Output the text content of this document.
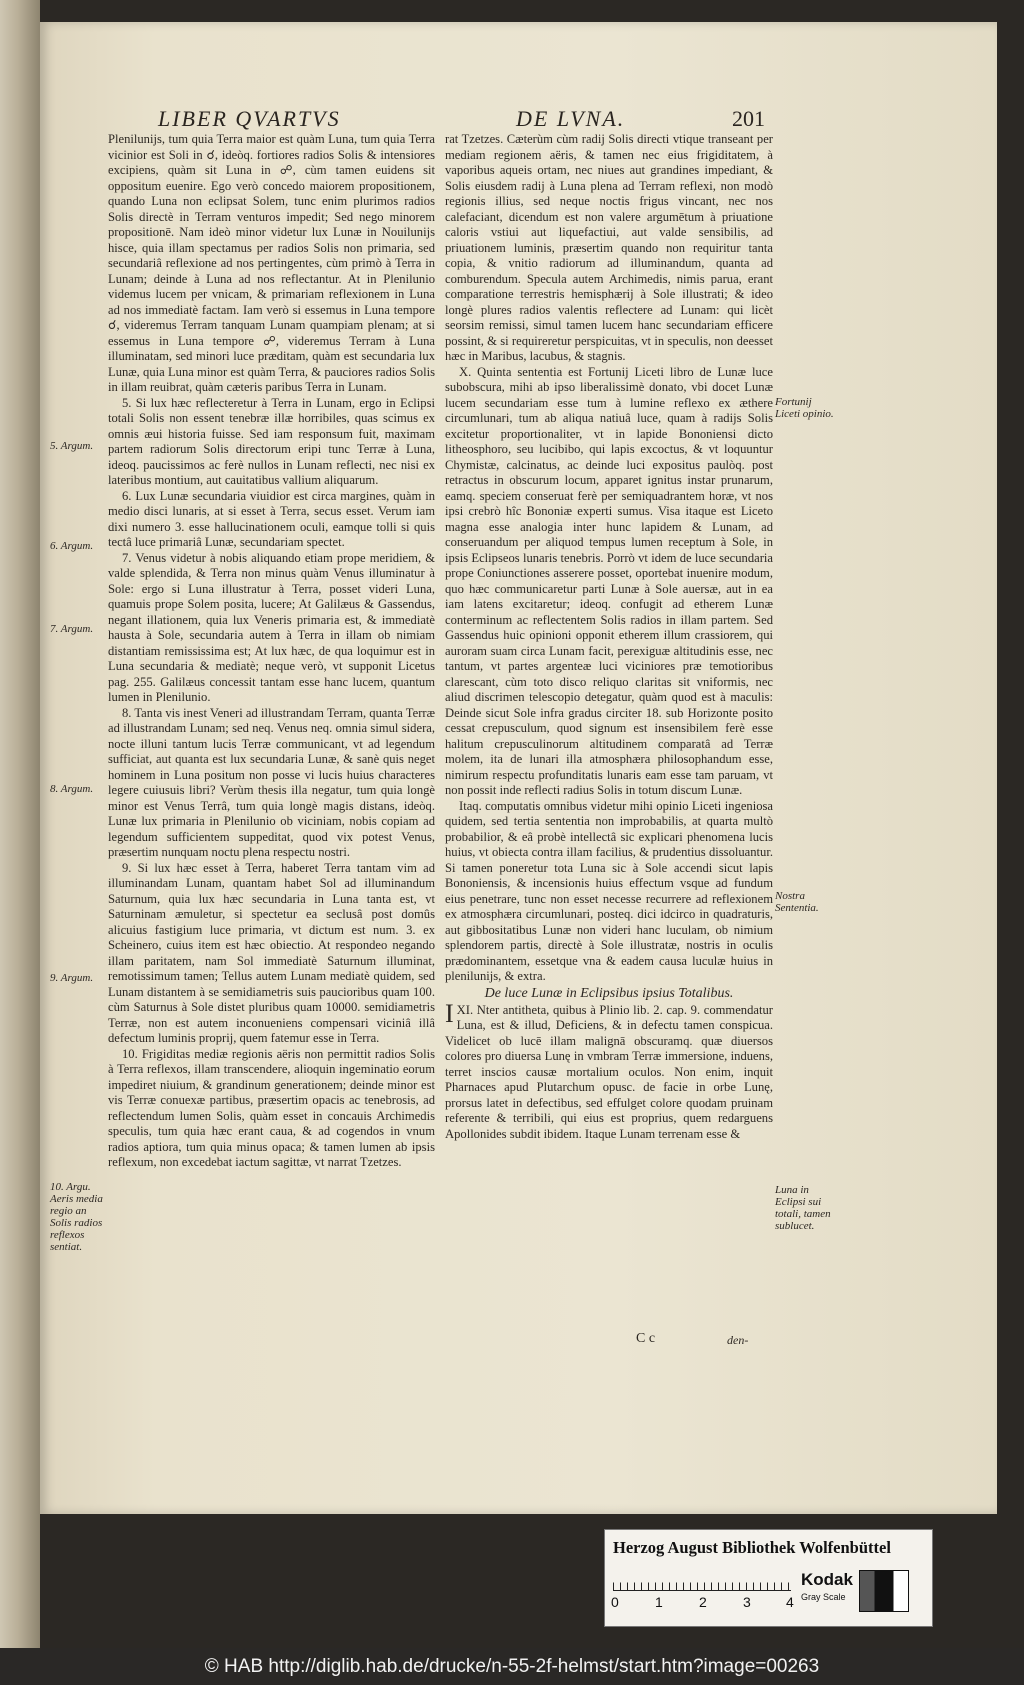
LIBER QVARTVS	DE LVNA.	201

Plenilunijs, tum quia Terra maior est quàm Luna, tum quia Terra vicinior est Soli in ☌, ideòq. fortiores radios Solis & intensiores excipiens, quàm sit Luna in ☍, cùm tamen euidens sit oppositum euenire. Ego verò concedo maiorem propositionem, quando Luna non eclipsat Solem, tunc enim plurimos radios Solis directè in Terram venturos impedit; Sed nego minorem propositionē. Nam ideò minor videtur lux Lunæ in Nouilunijs hisce, quia illam spectamus per radios Solis non primaria, sed secundariâ reflexione ad nos pertingentes, cùm primò à Terra in Lunam; deinde à Luna ad nos reflectantur. At in Plenilunio videmus lucem per vnicam, & primariam reflexionem in Luna ad nos immediatè factam. Iam verò si essemus in Luna tempore ☌, videremus Terram tanquam Lunam quampiam plenam; at si essemus in Luna tempore ☍, videremus Terram à Luna illuminatam, sed minori luce præditam, quàm est secundaria lux Lunæ, quia Luna minor est quàm Terra, & pauciores radios Solis in illam reuibrat, quàm cæteris paribus Terra in Lunam.

5. Si lux hæc reflecteretur à Terra in Lunam, ergo in Eclipsi totali Solis non essent tenebræ illæ horribiles, quas scimus ex omnis æui historia fuisse. Sed iam responsum fuit, maximam partem radiorum Solis directorum eripi tunc Terræ à Luna, ideoq. paucissimos ac ferè nullos in Lunam reflecti, nec nisi ex lateribus montium, aut cauitatibus vallium aliquarum.

6. Lux Lunæ secundaria viuidior est circa margines, quàm in medio disci lunaris, at si esset à Terra, secus esset. Verum iam dixi numero 3. esse hallucinationem oculi, eamque tolli si quis tectâ luce primariâ Lunæ, secundariam spectet.

7. Venus videtur à nobis aliquando etiam prope meridiem, & valde splendida, & Terra non minus quàm Venus illuminatur à Sole: ergo si Luna illustratur à Terra, posset videri Luna, quamuis prope Solem posita, lucere; At Galilæus & Gassendus, negant illationem, quia lux Veneris primaria est, & immediatè hausta à Sole, secundaria autem à Terra in illam ob nimiam distantiam remississima est; At lux hæc, de qua loquimur est in Luna secundaria & mediatè; neque verò, vt supponit Licetus pag. 255. Galilæus concessit tantam esse hanc lucem, quantum lumen in Plenilunio.

8. Tanta vis inest Veneri ad illustrandam Terram, quanta Terræ ad illustrandam Lunam; sed neq. Venus neq. omnia simul sidera, nocte illuni tantum lucis Terræ communicant, vt ad legendum sufficiat, aut quanta est lux secundaria Lunæ, & sanè quis neget hominem in Luna positum non posse vi lucis huius characteres legere cuiusuis libri? Verùm thesis illa negatur, tum quia longè minor est Venus Terrâ, tum quia longè magis distans, ideòq. Lunæ lux primaria in Plenilunio ob viciniam, nobis copiam ad legendum sufficientem suppeditat, quod vix potest Venus, præsertim nunquam noctu plena respectu nostri.

9. Si lux hæc esset à Terra, haberet Terra tantam vim ad illuminandam Lunam, quantam habet Sol ad illuminandum Saturnum, quia lux hæc secundaria in Luna tanta est, vt Saturninam æmuletur, si spectetur ea seclusâ post domûs alicuius fastigium luce primaria, vt dictum est num. 3. ex Scheinero, cuius item est hæc obiectio. At respondeo negando illam paritatem, nam Sol immediatè Saturnum illuminat, remotissimum tamen; Tellus autem Lunam mediatè quidem, sed Lunam distantem à se semidiametris suis paucioribus quam 100. cùm Saturnus à Sole distet pluribus quam 10000. semidiametris Terræ, non est autem inconueniens compensari viciniâ illâ defectum luminis proprij, quem fatemur esse in Terra.

10. Frigiditas mediæ regionis aëris non permittit radios Solis à Terra reflexos, illam transcendere, alioquin ingeminatio eorum impediret niuium, & grandinum generationem; deinde minor est vis Terræ conuexæ partibus, præsertim opacis ac tenebrosis, ad reflectendum lumen Solis, quàm esset in concauis Archimedis speculis, tum quia hæc erant caua, & ad cogendos in vnum radios aptiora, tum quia minus opaca; & tamen lumen ab ipsis reflexum, non excedebat iactum sagittæ, vt narrat Tzetzes.

5. Argum.
6. Argum.
7. Argum.
8. Argum.
9. Argum.
10. Argu. Aeris media regio an Solis radios reflexos sentiat.

rat Tzetzes. Cæterùm cùm radij Solis directi vtique transeant per mediam regionem aëris, & tamen nec eius frigiditatem, à vaporibus aqueis ortam, nec niues aut grandines impediant, & Solis eiusdem radij à Luna plena ad Terram reflexi, non modò regionis illius, sed neque noctis frigus vincant, nec nos calefaciant, dicendum est non valere argumētum à priuatione caloris vstiui aut liquefactiui, aut valde sensibilis, ad priuationem luminis, præsertim quando non requiritur tanta copia, & vnitio radiorum ad illuminandum, quanta ad comburendum. Specula autem Archimedis, nimis parua, erant comparatione terrestris hemisphærij à Sole illustrati; & ideo longè plures radios valentis reflectere ad Lunam: qui licèt seorsim remissi, simul tamen lucem hanc secundariam efficere possint, & si requireretur perspicuitas, vt in speculis, non deesset hæc in Maribus, lacubus, & stagnis.

X. Quinta sententia est Fortunij Liceti libro de Lunæ luce subobscura, mihi ab ipso liberalissimè donato, vbi docet Lunæ lucem secundariam esse tum à lumine reflexo ex æthere circumlunari, tum ab aliqua natiuâ luce, quam à radijs Solis excitetur proportionaliter, vt in lapide Bononiensi dicto litheosphoro, seu lucibibo, qui lapis excoctus, & vt loquuntur Chymistæ, calcinatus, ac deinde luci expositus paulòq. post retractus in obscurum locum, apparet ignitus instar prunarum, eamq. speciem conseruat ferè per semiquadrantem horæ, vt nos ipsi crebrò hîc Bononiæ experti sumus. Visa itaque est Liceto magna esse analogia inter hunc lapidem & Lunam, ad conseruandum per aliquod tempus lumen receptum à Sole, in ipsis Eclipseos lunaris tenebris. Porrò vt idem de luce secundaria prope Coniunctiones asserere posset, oportebat inuenire modum, quo hæc communicaretur parti Lunæ à Sole auersæ, aut in ea iam latens excitaretur; ideoq. confugit ad etherem Lunæ conterminum ac reflectentem Solis radios in illam partem. Sed Gassendus huic opinioni opponit etherem illum crassiorem, qui auroram suam circa Lunam facit, perexiguæ altitudinis esse, nec tantum, vt partes argenteæ luci viciniores præ temotioribus clarescant, cùm toto disco reliquo claritas sit vniformis, nec aliud discrimen telescopio detegatur, quàm quod est à maculis: Deinde sicut Sole infra gradus circiter 18. sub Horizonte posito cessat crepusculum, quod signum est insensibilem ferè esse halitum crepusculinorum altitudinem comparatâ ad Terræ molem, ita de lunari illa atmosphæra philosophandum esse, nimirum respectu profunditatis lunaris eam esse tam paruam, vt non possit inde reflecti radius Solis in totum discum Lunæ.

Itaq. computatis omnibus videtur mihi opinio Liceti ingeniosa quidem, sed tertia sententia non improbabilis, at quarta multò probabilior, & eâ probè intellectâ sic explicari phenomena lucis huius, vt obiecta contra illam facilius, & prudentius dissoluantur. Si tamen poneretur tota Luna sic à Sole accendi sicut lapis Bononiensis, & incensionis huius effectum vsque ad fundum eius penetrare, tunc non esset necesse recurrere ad reflexionem ex atmosphæra circumlunari, posteq. dici idcirco in quadraturis, aut gibbositatibus Lunæ non videri hanc luculam, ob nimium splendorem partis, directè à Sole illustratæ, nostris in oculis prædominantem, essetque vna & eadem causa luculæ huius in plenilunijs, & extra.

De luce Lunæ in Eclipsibus ipsius Totalibus.

XI.
I Nter antitheta, quibus à Plinio lib. 2. cap. 9. commendatur Luna, est & illud, Deficiens, & in defectu tamen conspicua. Videlicet ob lucē illam malignā obscuramq. quæ diuersos colores pro diuersa Lunę in vmbram Terræ immersione, induens, terret inscios causæ mortalium oculos. Non enim, inquit Pharnaces apud Plutarchum opusc. de facie in orbe Lunę, prorsus latet in defectibus, sed effulget colore quodam pruinam referente & terribili, qui eius est proprius, quem redarguens Apollonides subdit ibidem. Itaque Lunam terrenam esse &

Fortunij Liceti opinio.
Nostra Sententia.
Luna in Eclipsi sui totali, tamen sublucet.
C c	den-
Herzog August Bibliothek Wolfenbüttel
0	1	2	3	4
Kodak
Gray Scale
© HAB http://diglib.hab.de/drucke/n-55-2f-helmst/start.htm?image=00263
